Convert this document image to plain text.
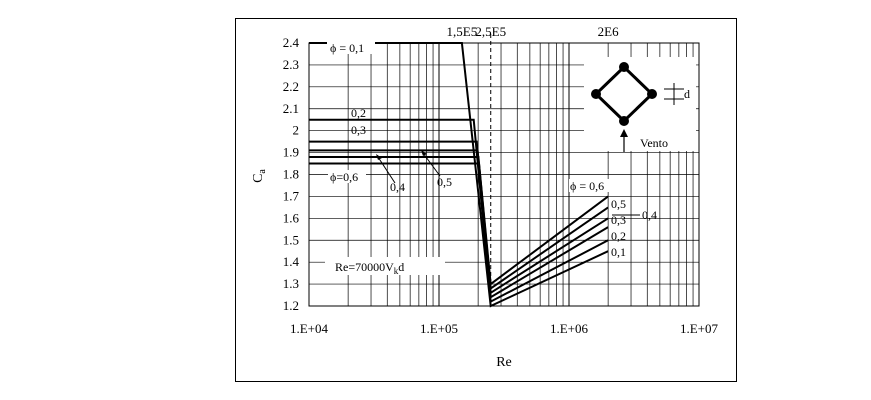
2.4
2.3
2.2
2.1
2
1.9
1.8
1.7
1.6
1.5
1.4
1.3
1.2
1.E+04	1.E+05	1.E+06	1.E+07
1,5E5
2,5E5	2E6
Re
$C_a$
ϕ = 0,1
0,2
0,3
ϕ=0,6
0,4	0,5	ϕ = 0,6
0,5
0,3
0,2
0,1
0,4
$Re=70000V_kd$
d
Vento
